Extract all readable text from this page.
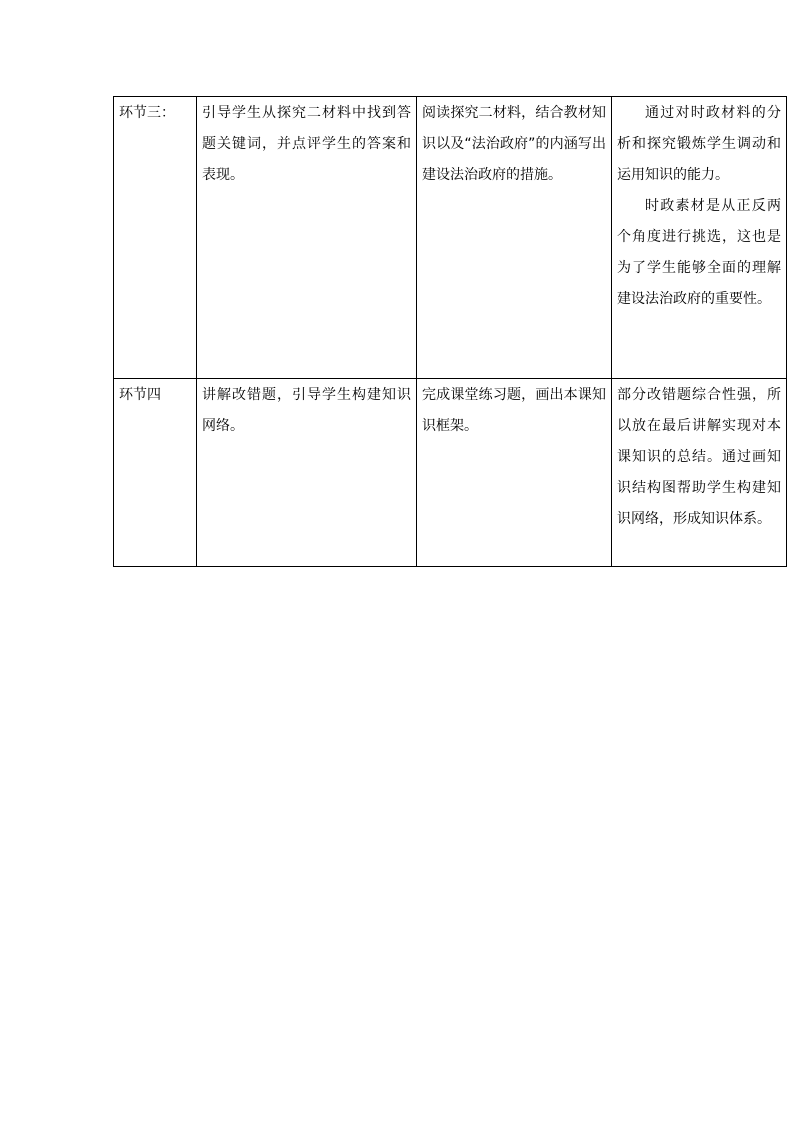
环节三：	引导学生从探究二材料中找到答题关键词，并点评学生的答案和表现。	阅读探究二材料，结合教材知识以及“法治政府”的内涵写出建设法治政府的措施。	通过对时政材料的分析和探究锻炼学生调动和运用知识的能力。
时政素材是从正反两个角度进行挑选，这也是为了学生能够全面的理解建设法治政府的重要性。

环节四	讲解改错题，引导学生构建知识网络。	完成课堂练习题，画出本课知识框架。	部分改错题综合性强，所以放在最后讲解实现对本课知识的总结。通过画知识结构图帮助学生构建知识网络，形成知识体系。
